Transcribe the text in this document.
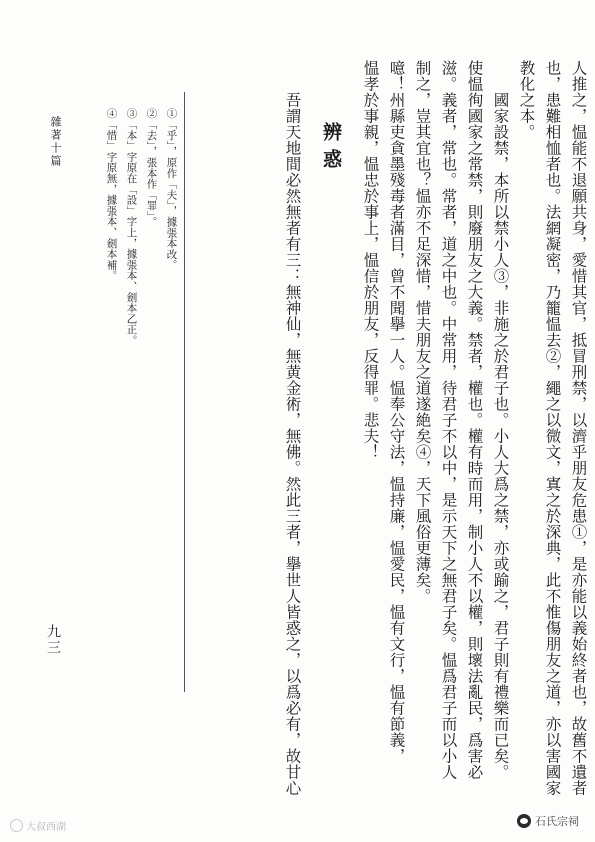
人推之，愠能不退願共身，愛惜其官，抵冒刑禁，以濟乎朋友危患①，是亦能以義始終者也，故舊不遺者
也，患難相恤者也。法網凝密，乃籠愠去②，繩之以微文，寘之於深典，此不惟傷朋友之道，亦以害國家
教化之本。
國家設禁，本所以禁小人③，非施之於君子也。小人大爲之禁，亦或踰之，君子則有禮樂而已矣。
使愠徇國家之常禁，則廢朋友之大義。禁者，權也。權有時而用，制小人不以權，則壞法亂民，爲害必
滋。義者，常也。常者，道之中也。中常用，待君子不以中，是示天下之無君子矣。愠爲君子而以小人
制之，豈其宜也？愠亦不足深惜，惜夫朋友之道遂絶矣④，天下風俗更薄矣。
噫！州縣吏貪墨殘毒者滿目，曾不聞擧一人。愠奉公守法，愠持廉，愠愛民，愠有文行，愠有節義，
愠孝於事親，愠忠於事上，愠信於朋友，反得罪。悲夫！
辨惑
吾謂天地間必然無者有三：無神仙，無黄金術，無佛。然此三者，擧世人皆惑之，以爲必有，故甘心
①「乎」，原作「夫」，據張本改。
②「去」，張本作「罪」。
③「本」字原在「設」字上，據張本、劍本乙正。
④「惜」字原無，據張本、劍本補。
雜著十篇
九三
大叔西湖	石氏宗祠
